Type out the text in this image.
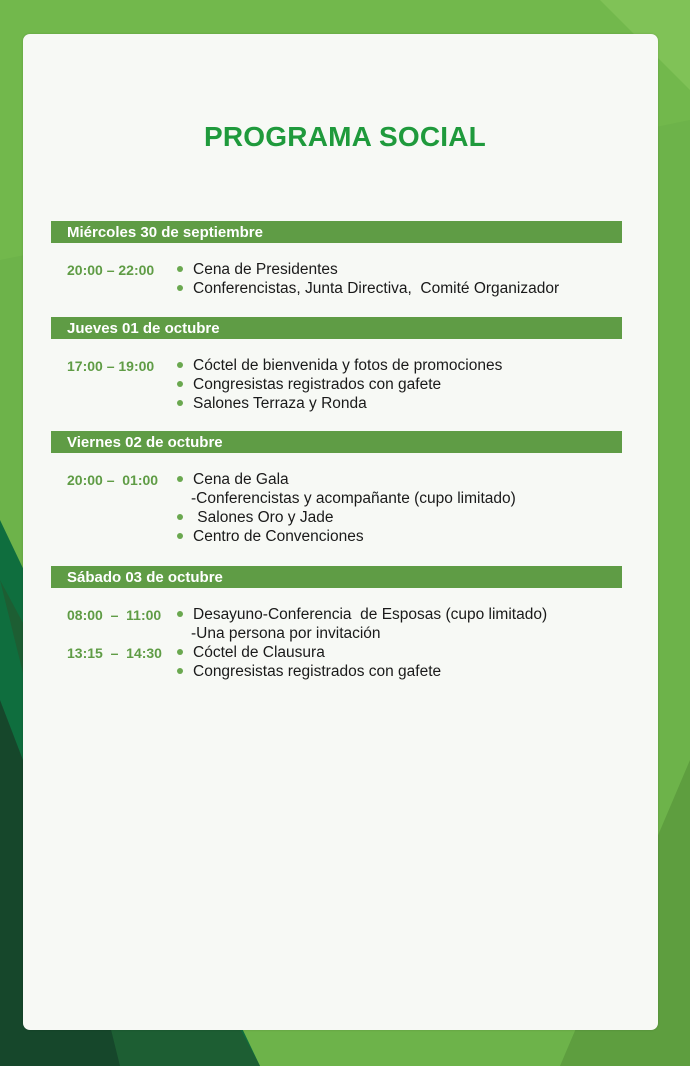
PROGRAMA SOCIAL
Miércoles 30 de septiembre
20:00 – 22:00	Cena de Presidentes
Conferencistas, Junta Directiva,  Comité Organizador
Jueves 01 de octubre
17:00 – 19:00	Cóctel de bienvenida y fotos de promociones
Congresistas registrados con gafete
Salones Terraza y Ronda
Viernes 02 de octubre
20:00 –  01:00	Cena de Gala
-Conferencistas y acompañante (cupo limitado)
Salones Oro y Jade
Centro de Convenciones
Sábado 03 de octubre
08:00  –  11:00	Desayuno-Conferencia  de Esposas (cupo limitado)
-Una persona por invitación
13:15  –  14:30	Cóctel de Clausura
Congresistas registrados con gafete
